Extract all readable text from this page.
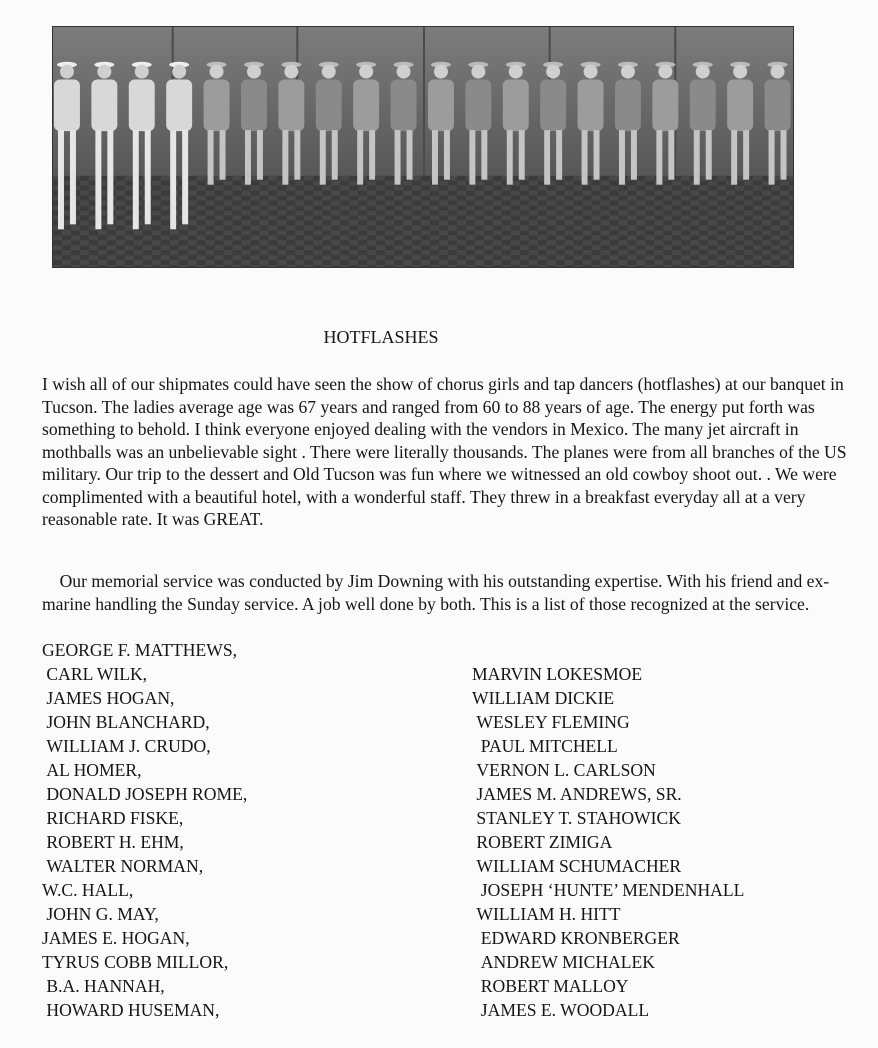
HOTFLASHES

I wish all of our shipmates could have seen the show of chorus girls and tap dancers (hotflashes) at our banquet in Tucson. The ladies average age was 67 years and ranged from 60 to 88 years of age. The energy put forth was something to behold. I think everyone enjoyed dealing with the vendors in Mexico. The many jet aircraft in mothballs was an unbelievable sight . There were literally thousands. The planes were from all branches of the US military. Our trip to the dessert and Old Tucson was fun where we witnessed an old cowboy shoot out. . We were complimented with a beautiful hotel, with a wonderful staff. They threw in a breakfast everyday all at a very reasonable rate. It was GREAT.

Our memorial service was conducted by Jim Downing with his outstanding expertise. With his friend and ex-marine handling the Sunday service. A job well done by both. This is a list of those recognized at the service.

GEORGE F. MATTHEWS,
CARL WILK,
JAMES HOGAN,
JOHN BLANCHARD,
WILLIAM J. CRUDO,
AL HOMER,
DONALD JOSEPH ROME,
RICHARD FISKE,
ROBERT H. EHM,
WALTER NORMAN,
W.C. HALL,
JOHN G. MAY,
JAMES E. HOGAN,
TYRUS COBB MILLOR,
B.A. HANNAH,
HOWARD HUSEMAN,
MARVIN LOKESMOE
WILLIAM DICKIE
WESLEY FLEMING
PAUL MITCHELL
VERNON L. CARLSON
JAMES M. ANDREWS, SR.
STANLEY T. STAHOWICK
ROBERT ZIMIGA
WILLIAM SCHUMACHER
JOSEPH ‘HUNTE’ MENDENHALL
WILLIAM H. HITT
EDWARD KRONBERGER
ANDREW MICHALEK
ROBERT MALLOY
JAMES E. WOODALL
